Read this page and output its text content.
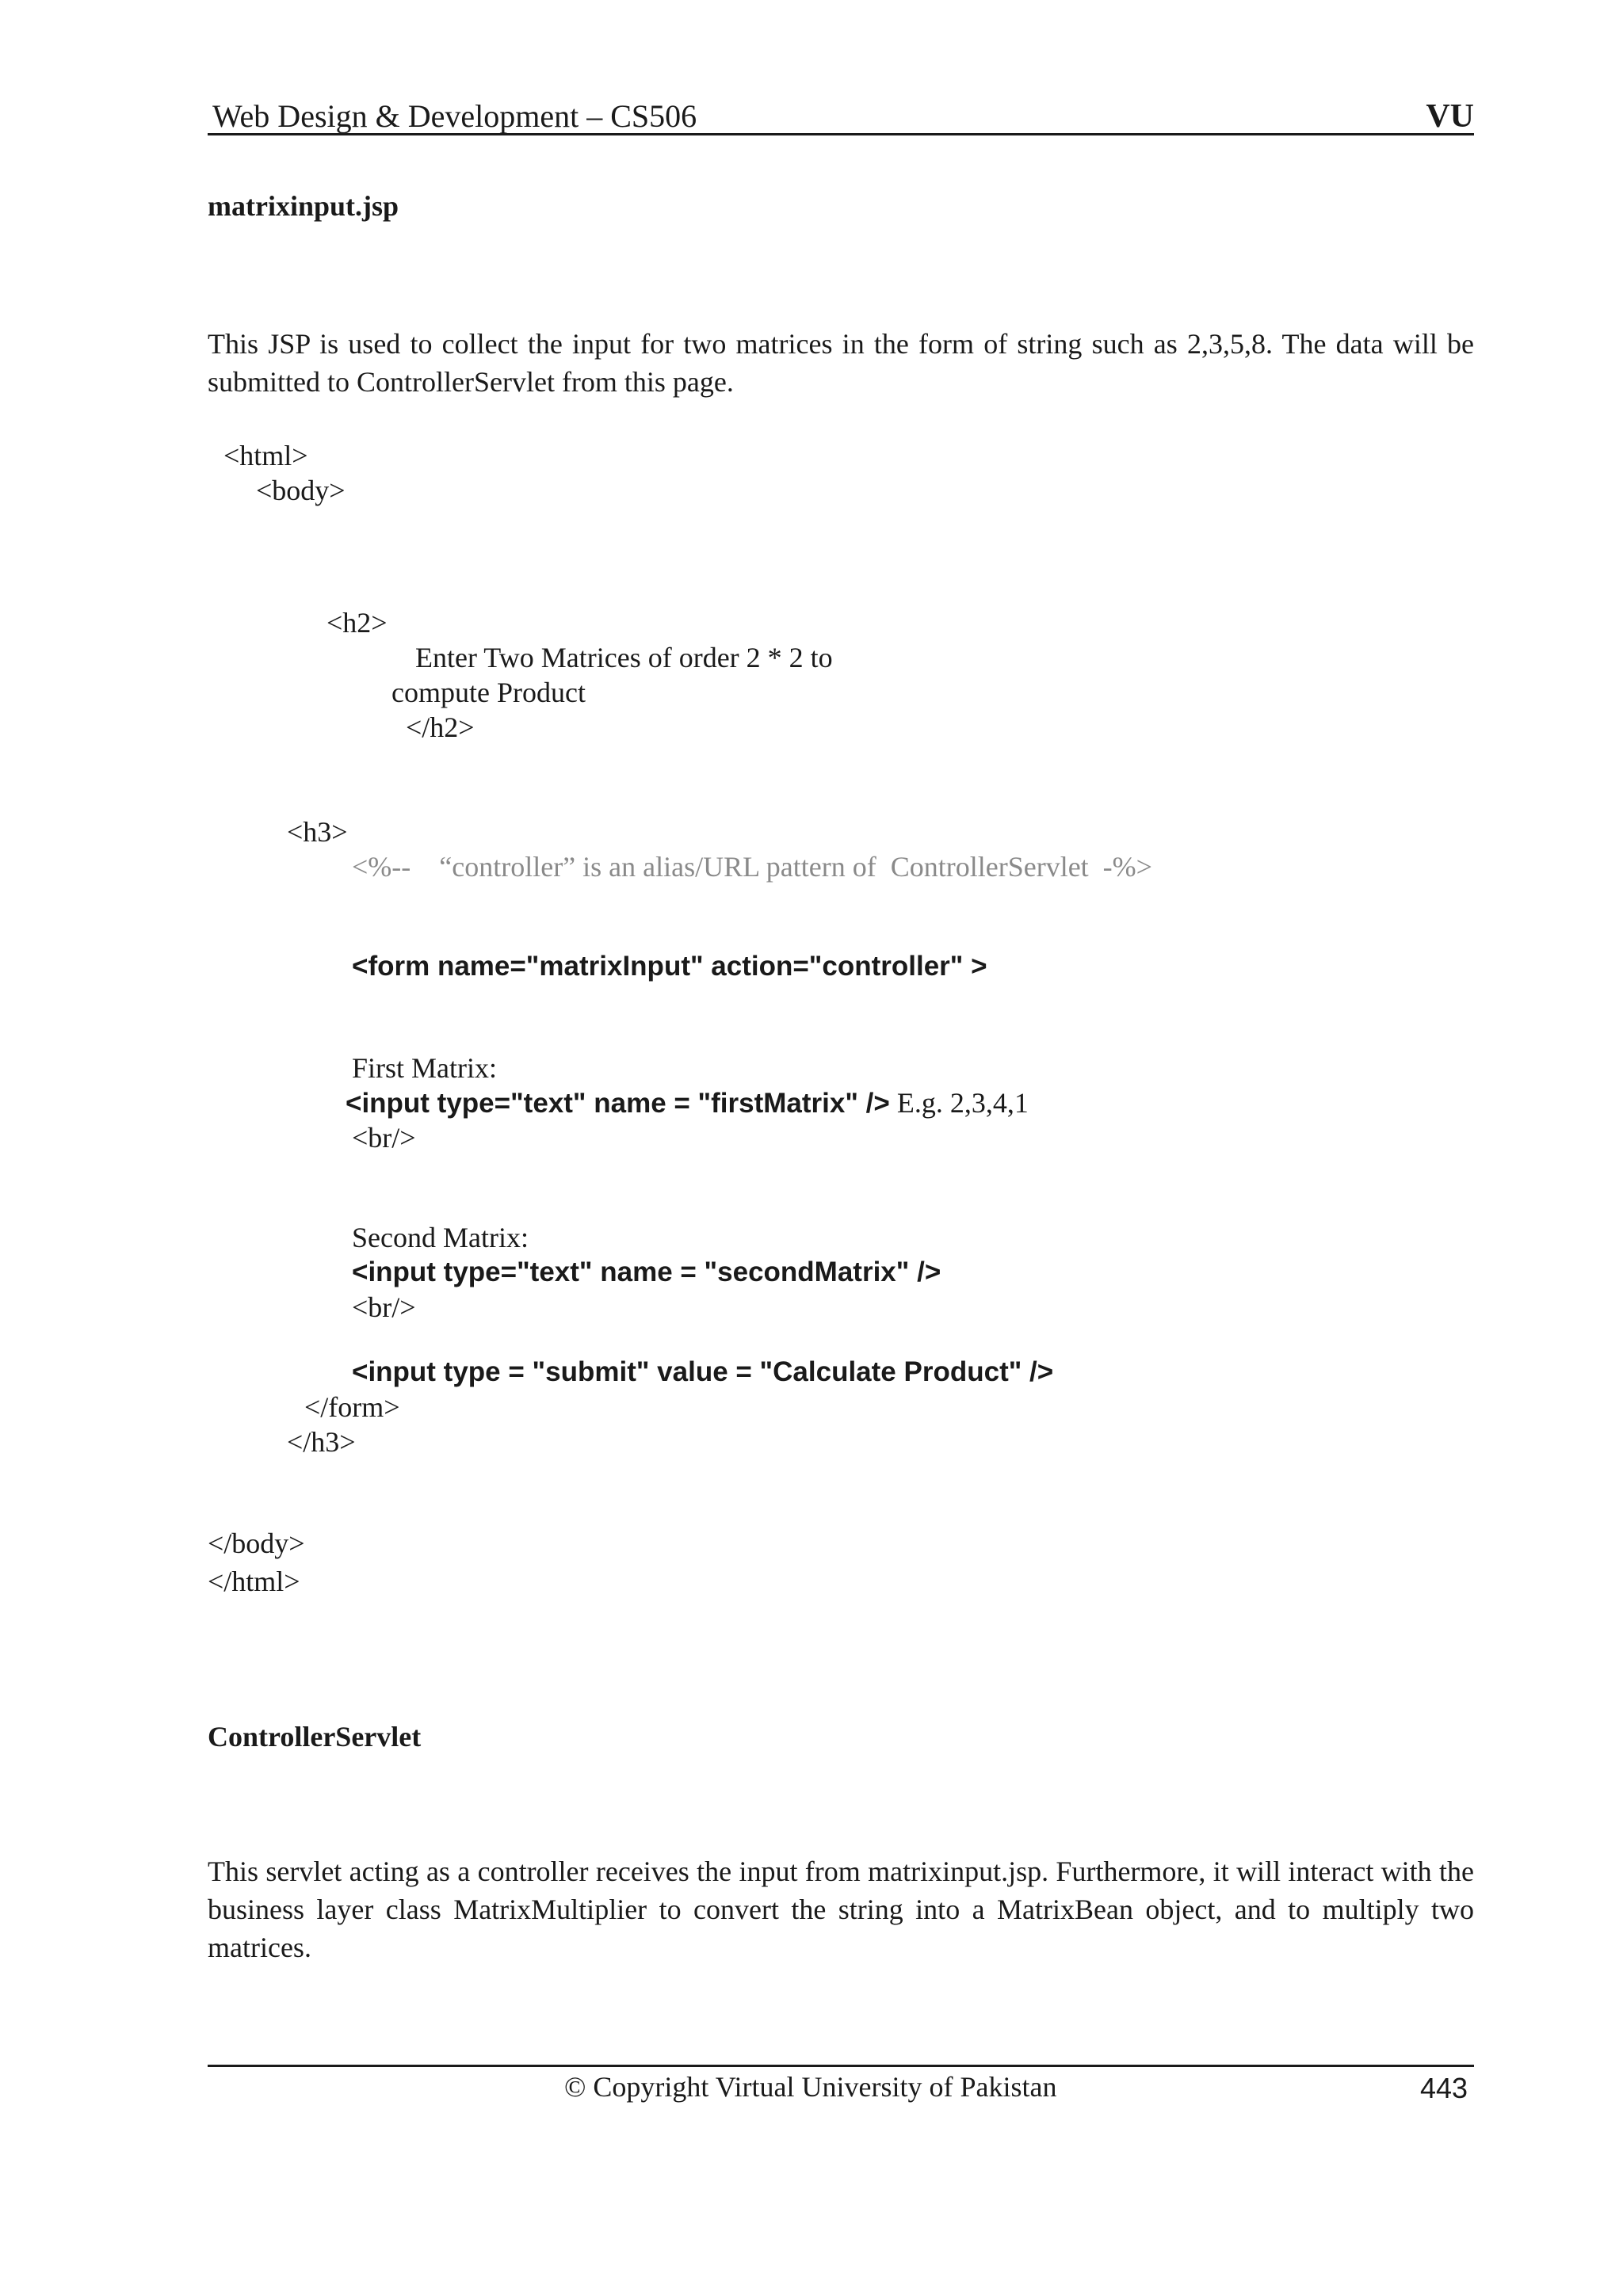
Web Design & Development – CS506	VU
matrixinput.jsp
This JSP is used to collect the input for two matrices in the form of string such as 2,3,5,8. The data will be submitted to ControllerServlet from this page.
<html>
<body>
<h2>
Enter Two Matrices of order 2 * 2 to
compute Product
</h2>
<h3>
<%--    “controller” is an alias/URL pattern of  ControllerServlet  -%>
<form name="matrixInput" action="controller" >
First Matrix:
<input type="text" name = "firstMatrix" /> E.g. 2,3,4,1
<br/>
Second Matrix:
<input type="text" name = "secondMatrix" />
<br/>
<input type = "submit" value = "Calculate Product" />
</form>
</h3>
</body>
</html>
ControllerServlet
This servlet acting as a controller receives the input from matrixinput.jsp. Furthermore, it will interact with the business layer class MatrixMultiplier to convert the string into a MatrixBean object, and to multiply two matrices.
© Copyright Virtual University of Pakistan	443
